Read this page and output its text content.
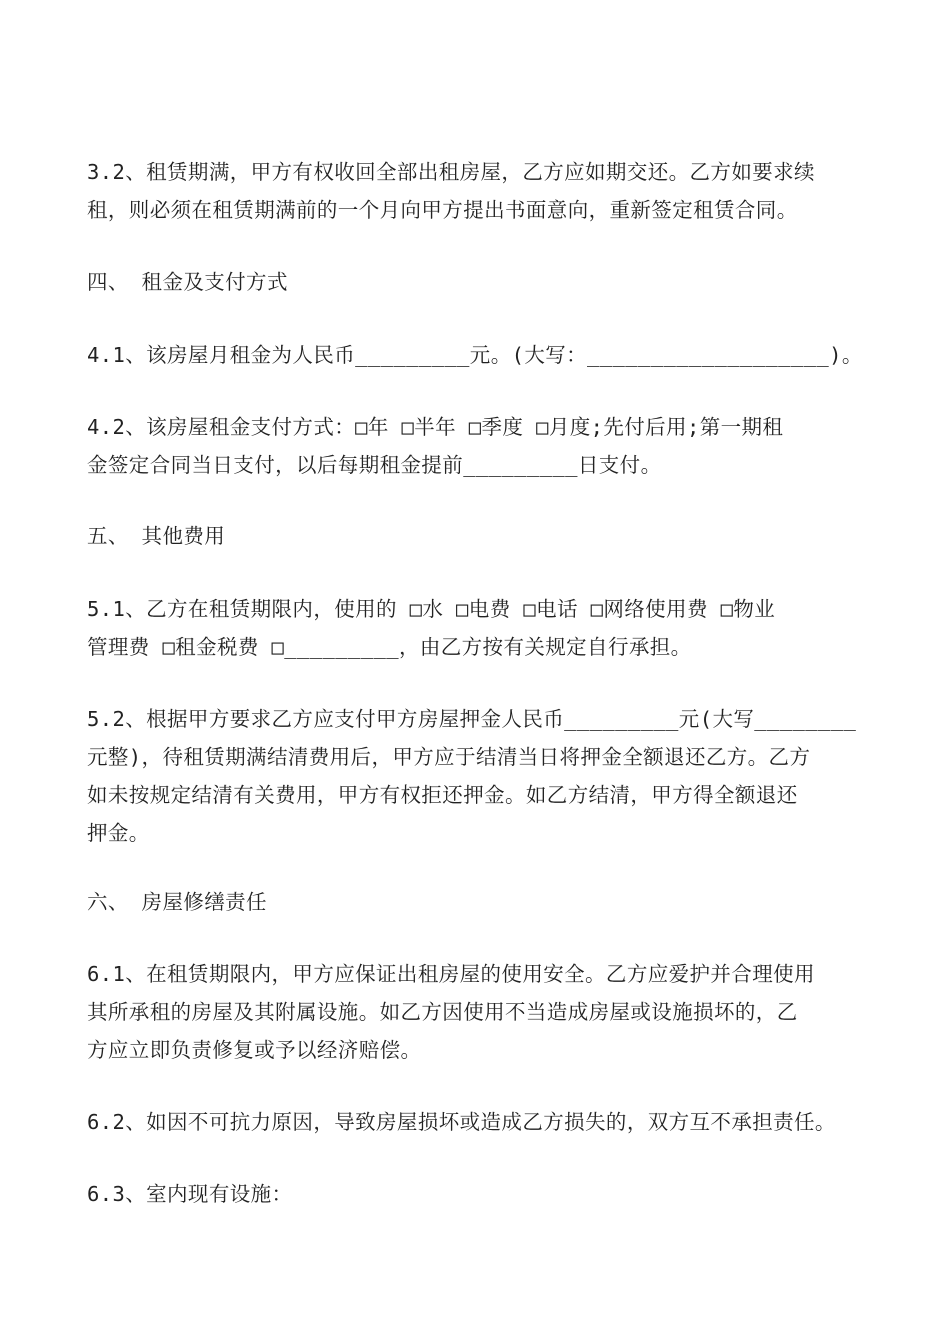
3.2、租赁期满，甲方有权收回全部出租房屋，乙方应如期交还。乙方如要求续
租，则必须在租赁期满前的一个月向甲方提出书面意向，重新签定租赁合同。
四、 租金及支付方式
4.1、该房屋月租金为人民币_________元。(大写：___________________)。
4.2、该房屋租金支付方式：□年 □半年 □季度 □月度;先付后用;第一期租
金签定合同当日支付，以后每期租金提前_________日支付。
五、 其他费用
5.1、乙方在租赁期限内，使用的 □水 □电费 □电话 □网络使用费 □物业
管理费 □租金税费 □_________，由乙方按有关规定自行承担。
5.2、根据甲方要求乙方应支付甲方房屋押金人民币_________元(大写________
元整)，待租赁期满结清费用后，甲方应于结清当日将押金全额退还乙方。乙方
如未按规定结清有关费用，甲方有权拒还押金。如乙方结清，甲方得全额退还
押金。
六、 房屋修缮责任
6.1、在租赁期限内，甲方应保证出租房屋的使用安全。乙方应爱护并合理使用
其所承租的房屋及其附属设施。如乙方因使用不当造成房屋或设施损坏的，乙
方应立即负责修复或予以经济赔偿。
6.2、如因不可抗力原因，导致房屋损坏或造成乙方损失的，双方互不承担责任。
6.3、室内现有设施：
